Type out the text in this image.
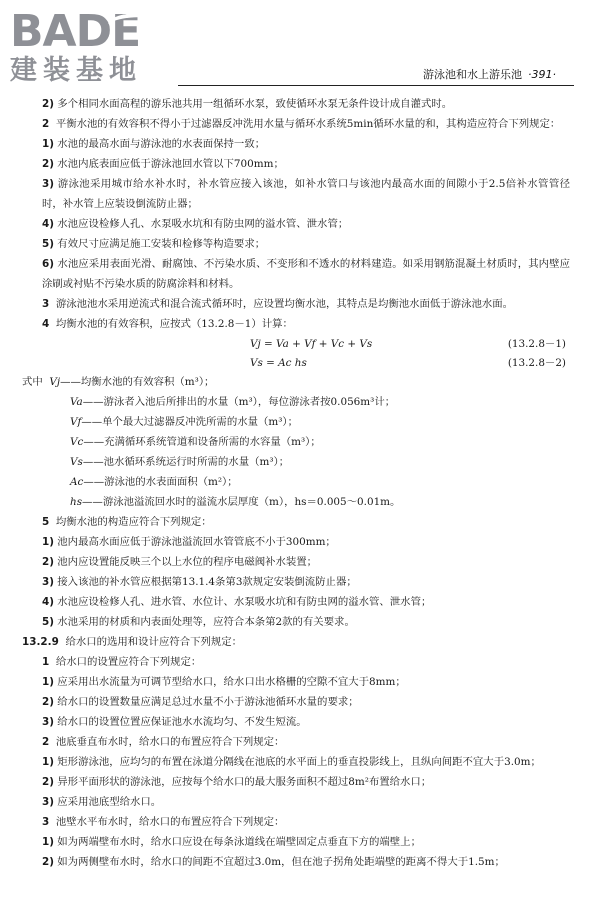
BADE
建装基地	游泳池和水上游乐池 ·391·
2) 多个相同水面高程的游乐池共用一组循环水泵，致使循环水泵无条件设计成自灌式时。
2 平衡水池的有效容积不得小于过滤器反冲洗用水量与循环水系统5min循环水量的和，其构造应符合下列规定：
1) 水池的最高水面与游泳池的水表面保持一致；
2) 水池内底表面应低于游泳池回水管以下700mm；
3) 游泳池采用城市给水补水时，补水管应接入该池，如补水管口与该池内最高水面的间隙小于2.5倍补水管管径时，补水管上应装设倒流防止器；
4) 水池应设检修人孔、水泵吸水坑和有防虫网的溢水管、泄水管；
5) 有效尺寸应满足施工安装和检修等构造要求；
6) 水池应采用表面光滑、耐腐蚀、不污染水质、不变形和不透水的材料建造。如采用钢筋混凝土材质时，其内壁应涂刷或衬贴不污染水质的防腐涂料和材料。
3 游泳池池水采用逆流式和混合流式循环时，应设置均衡水池，其特点是均衡池水面低于游泳池水面。
4 均衡水池的有效容积，应按式（13.2.8－1）计算：
Vj = Va + Vf + Vc + Vs	(13.2.8－1)
Vs = Aс hs	(13.2.8－2)
式中 Vj——均衡水池的有效容积（m³）；
Va——游泳者入池后所排出的水量（m³），每位游泳者按0.056m³计；
Vf——单个最大过滤器反冲洗所需的水量（m³）；
Vc——充满循环系统管道和设备所需的水容量（m³）；
Vs——池水循环系统运行时所需的水量（m³）；
Ac——游泳池的水表面面积（m²）；
hs——游泳池溢流回水时的溢流水层厚度（m），hs＝0.005～0.01m。
5 均衡水池的构造应符合下列规定：
1) 池内最高水面应低于游泳池溢流回水管管底不小于300mm；
2) 池内应设置能反映三个以上水位的程序电磁阀补水装置；
3) 接入该池的补水管应根据第13.1.4条第3款规定安装倒流防止器；
4) 水池应设检修人孔、进水管、水位计、水泵吸水坑和有防虫网的溢水管、泄水管；
5) 水池采用的材质和内表面处理等，应符合本条第2款的有关要求。
13.2.9 给水口的选用和设计应符合下列规定：
1 给水口的设置应符合下列规定：
1) 应采用出水流量为可调节型给水口，给水口出水格栅的空隙不宜大于8mm；
2) 给水口的设置数量应满足总过水量不小于游泳池循环水量的要求；
3) 给水口的设置位置应保证池水水流均匀、不发生短流。
2 池底垂直布水时，给水口的布置应符合下列规定：
1) 矩形游泳池，应均匀的布置在泳道分隔线在池底的水平面上的垂直投影线上，且纵向间距不宜大于3.0m；
2) 异形平面形状的游泳池，应按每个给水口的最大服务面积不超过8m²布置给水口；
3) 应采用池底型给水口。
3 池壁水平布水时，给水口的布置应符合下列规定：
1) 如为两端壁布水时，给水口应设在每条泳道线在端壁固定点垂直下方的端壁上；
2) 如为两侧壁布水时，给水口的间距不宜超过3.0m，但在池子拐角处距端壁的距离不得大于1.5m；
